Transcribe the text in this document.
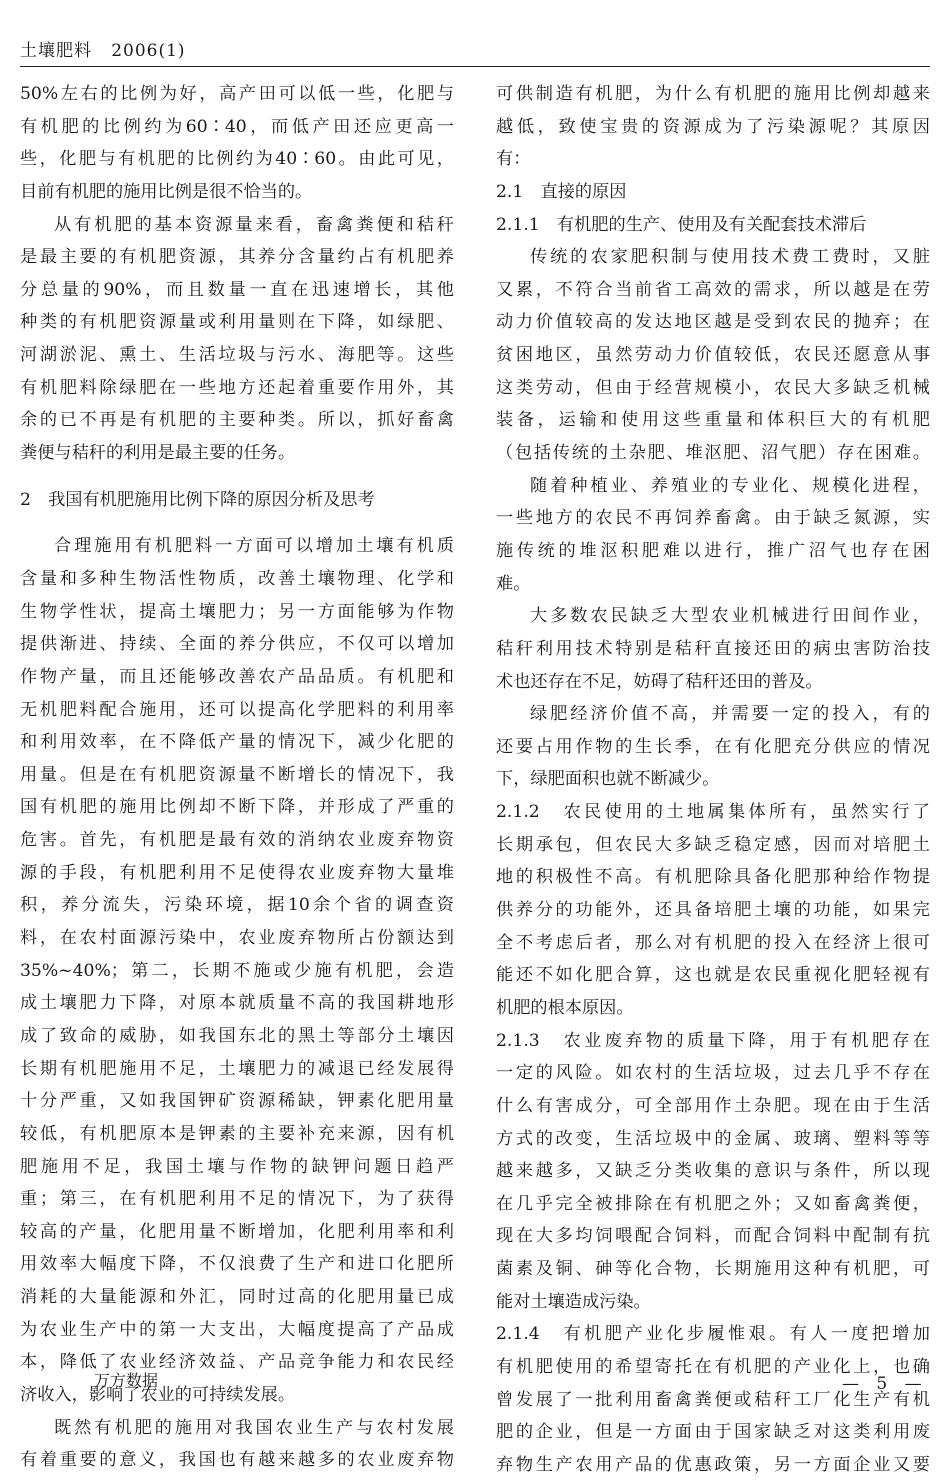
土壤肥料 2006(1)
50%左右的比例为好，高产田可以低一些，化肥与
有机肥的比例约为60∶40，而低产田还应更高一
些，化肥与有机肥的比例约为40∶60。由此可见，
目前有机肥的施用比例是很不恰当的。
从有机肥的基本资源量来看，畜禽粪便和秸秆
是最主要的有机肥资源，其养分含量约占有机肥养
分总量的90%，而且数量一直在迅速增长，其他
种类的有机肥资源量或利用量则在下降，如绿肥、
河湖淤泥、熏土、生活垃圾与污水、海肥等。这些
有机肥料除绿肥在一些地方还起着重要作用外，其
余的已不再是有机肥的主要种类。所以，抓好畜禽
粪便与秸秆的利用是最主要的任务。
2　我国有机肥施用比例下降的原因分析及思考
合理施用有机肥料一方面可以增加土壤有机质
含量和多种生物活性物质，改善土壤物理、化学和
生物学性状，提高土壤肥力；另一方面能够为作物
提供渐进、持续、全面的养分供应，不仅可以增加
作物产量，而且还能够改善农产品品质。有机肥和
无机肥料配合施用，还可以提高化学肥料的利用率
和利用效率，在不降低产量的情况下，减少化肥的
用量。但是在有机肥资源量不断增长的情况下，我
国有机肥的施用比例却不断下降，并形成了严重的
危害。首先，有机肥是最有效的消纳农业废弃物资
源的手段，有机肥利用不足使得农业废弃物大量堆
积，养分流失，污染环境，据10余个省的调查资
料，在农村面源污染中，农业废弃物所占份额达到
35%~40%；第二，长期不施或少施有机肥，会造
成土壤肥力下降，对原本就质量不高的我国耕地形
成了致命的威胁，如我国东北的黑土等部分土壤因
长期有机肥施用不足，土壤肥力的减退已经发展得
十分严重，又如我国钾矿资源稀缺，钾素化肥用量
较低，有机肥原本是钾素的主要补充来源，因有机
肥施用不足，我国土壤与作物的缺钾问题日趋严
重；第三，在有机肥利用不足的情况下，为了获得
较高的产量，化肥用量不断增加，化肥利用率和利
用效率大幅度下降，不仅浪费了生产和进口化肥所
消耗的大量能源和外汇，同时过高的化肥用量已成
为农业生产中的第一大支出，大幅度提高了产品成
本，降低了农业经济效益、产品竞争能力和农民经
济收入，影响了农业的可持续发展。
既然有机肥的施用对我国农业生产与农村发展
有着重要的意义，我国也有越来越多的农业废弃物
可供制造有机肥，为什么有机肥的施用比例却越来
越低，致使宝贵的资源成为了污染源呢？其原因
有：
2.1　直接的原因
2.1.1　有机肥的生产、使用及有关配套技术滞后
传统的农家肥积制与使用技术费工费时，又脏
又累，不符合当前省工高效的需求，所以越是在劳
动力价值较高的发达地区越是受到农民的抛弃；在
贫困地区，虽然劳动力价值较低，农民还愿意从事
这类劳动，但由于经营规模小，农民大多缺乏机械
装备，运输和使用这些重量和体积巨大的有机肥
（包括传统的土杂肥、堆沤肥、沼气肥）存在困难。
随着种植业、养殖业的专业化、规模化进程，
一些地方的农民不再饲养畜禽。由于缺乏氮源，实
施传统的堆沤积肥难以进行，推广沼气也存在困
难。
大多数农民缺乏大型农业机械进行田间作业，
秸秆利用技术特别是秸秆直接还田的病虫害防治技
术也还存在不足，妨碍了秸秆还田的普及。
绿肥经济价值不高，并需要一定的投入，有的
还要占用作物的生长季，在有化肥充分供应的情况
下，绿肥面积也就不断减少。
2.1.2　农民使用的土地属集体所有，虽然实行了
长期承包，但农民大多缺乏稳定感，因而对培肥土
地的积极性不高。有机肥除具备化肥那种给作物提
供养分的功能外，还具备培肥土壤的功能，如果完
全不考虑后者，那么对有机肥的投入在经济上很可
能还不如化肥合算，这也就是农民重视化肥轻视有
机肥的根本原因。
2.1.3　农业废弃物的质量下降，用于有机肥存在
一定的风险。如农村的生活垃圾，过去几乎不存在
什么有害成分，可全部用作土杂肥。现在由于生活
方式的改变，生活垃圾中的金属、玻璃、塑料等等
越来越多，又缺乏分类收集的意识与条件，所以现
在几乎完全被排除在有机肥之外；又如畜禽粪便，
现在大多均饲喂配合饲料，而配合饲料中配制有抗
菌素及铜、砷等化合物，长期施用这种有机肥，可
能对土壤造成污染。
2.1.4　有机肥产业化步履惟艰。有人一度把增加
有机肥使用的希望寄托在有机肥的产业化上，也确
曾发展了一批利用畜禽粪便或秸秆工厂化生产有机
肥的企业，但是一方面由于国家缺乏对这类利用废
弃物生产农用产品的优惠政策，另一方面企业又要
万方数据	— 5 —
